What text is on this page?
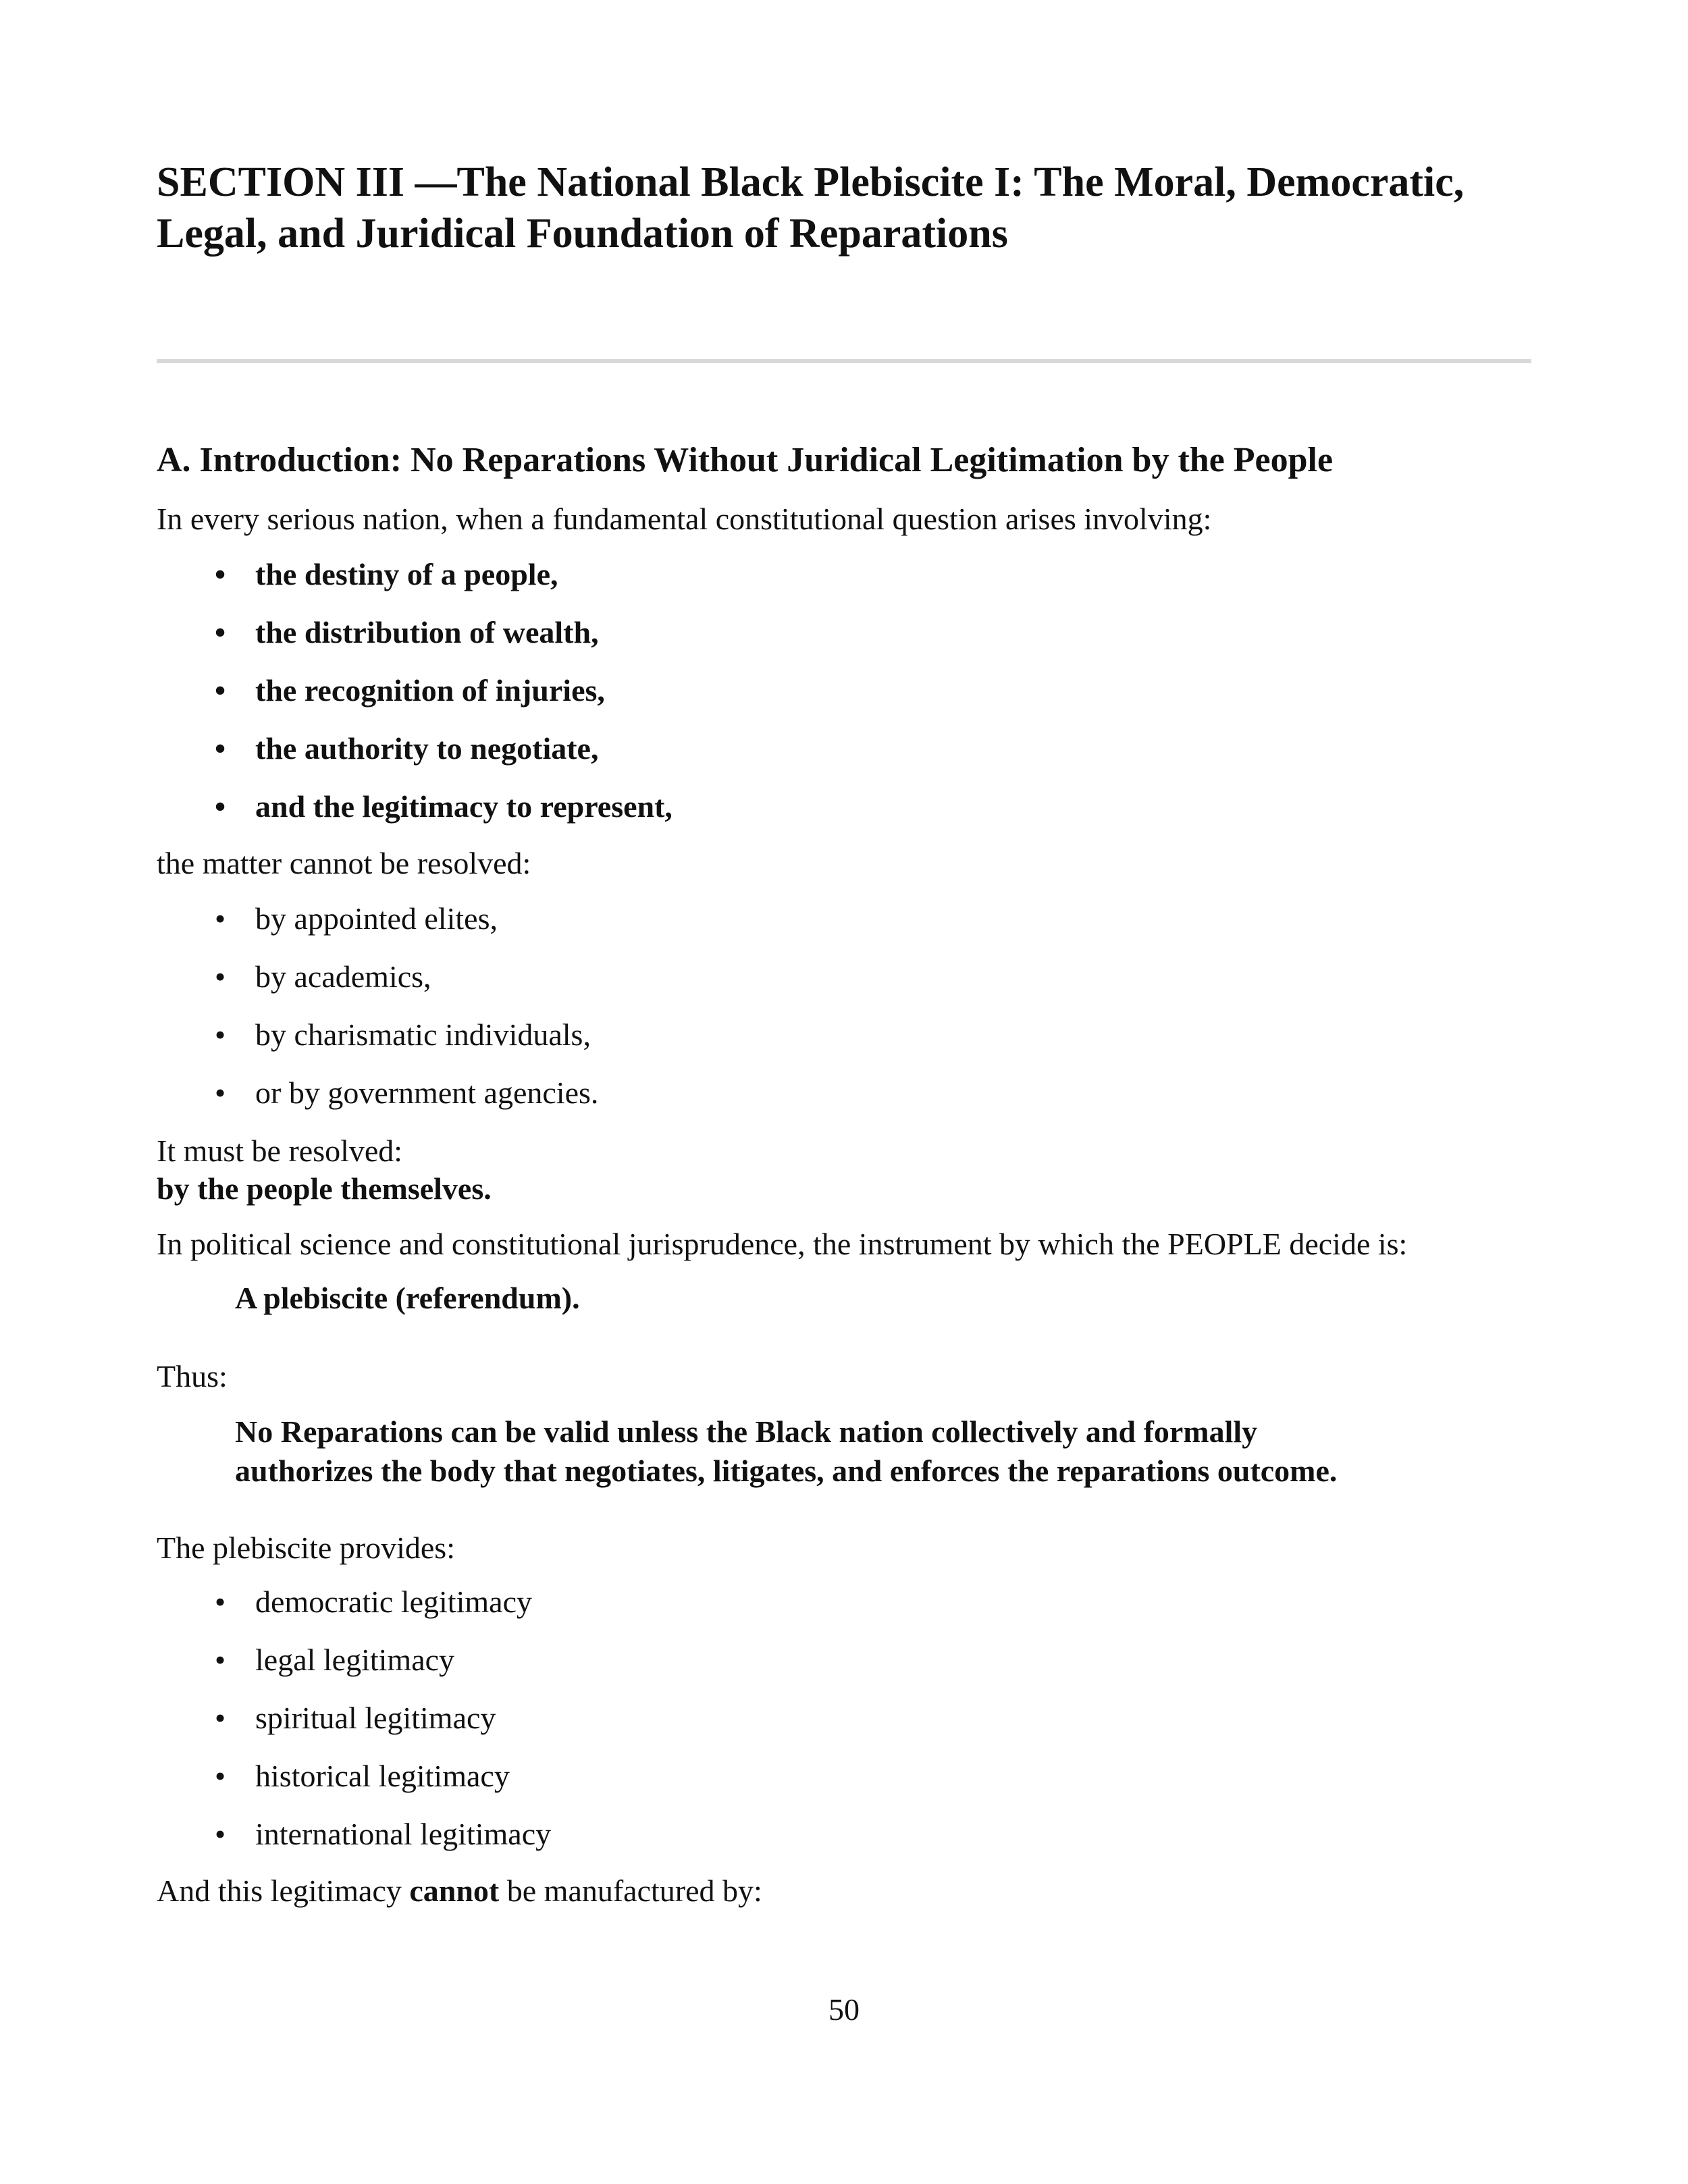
SECTION III —The National Black Plebiscite I: The Moral, Democratic, Legal, and Juridical Foundation of Reparations
A. Introduction: No Reparations Without Juridical Legitimation by the People

In every serious nation, when a fundamental constitutional question arises involving:

• the destiny of a people,
• the distribution of wealth,
• the recognition of injuries,
• the authority to negotiate,
• and the legitimacy to represent,

the matter cannot be resolved:

• by appointed elites,
• by academics,
• by charismatic individuals,
• or by government agencies.

It must be resolved:

by the people themselves.

In political science and constitutional jurisprudence, the instrument by which the PEOPLE decide is:

A plebiscite (referendum).

Thus:

No Reparations can be valid unless the Black nation collectively and formally

authorizes the body that negotiates, litigates, and enforces the reparations outcome.

The plebiscite provides:

• democratic legitimacy
• legal legitimacy
• spiritual legitimacy
• historical legitimacy
• international legitimacy

And this legitimacy cannot be manufactured by:

50
